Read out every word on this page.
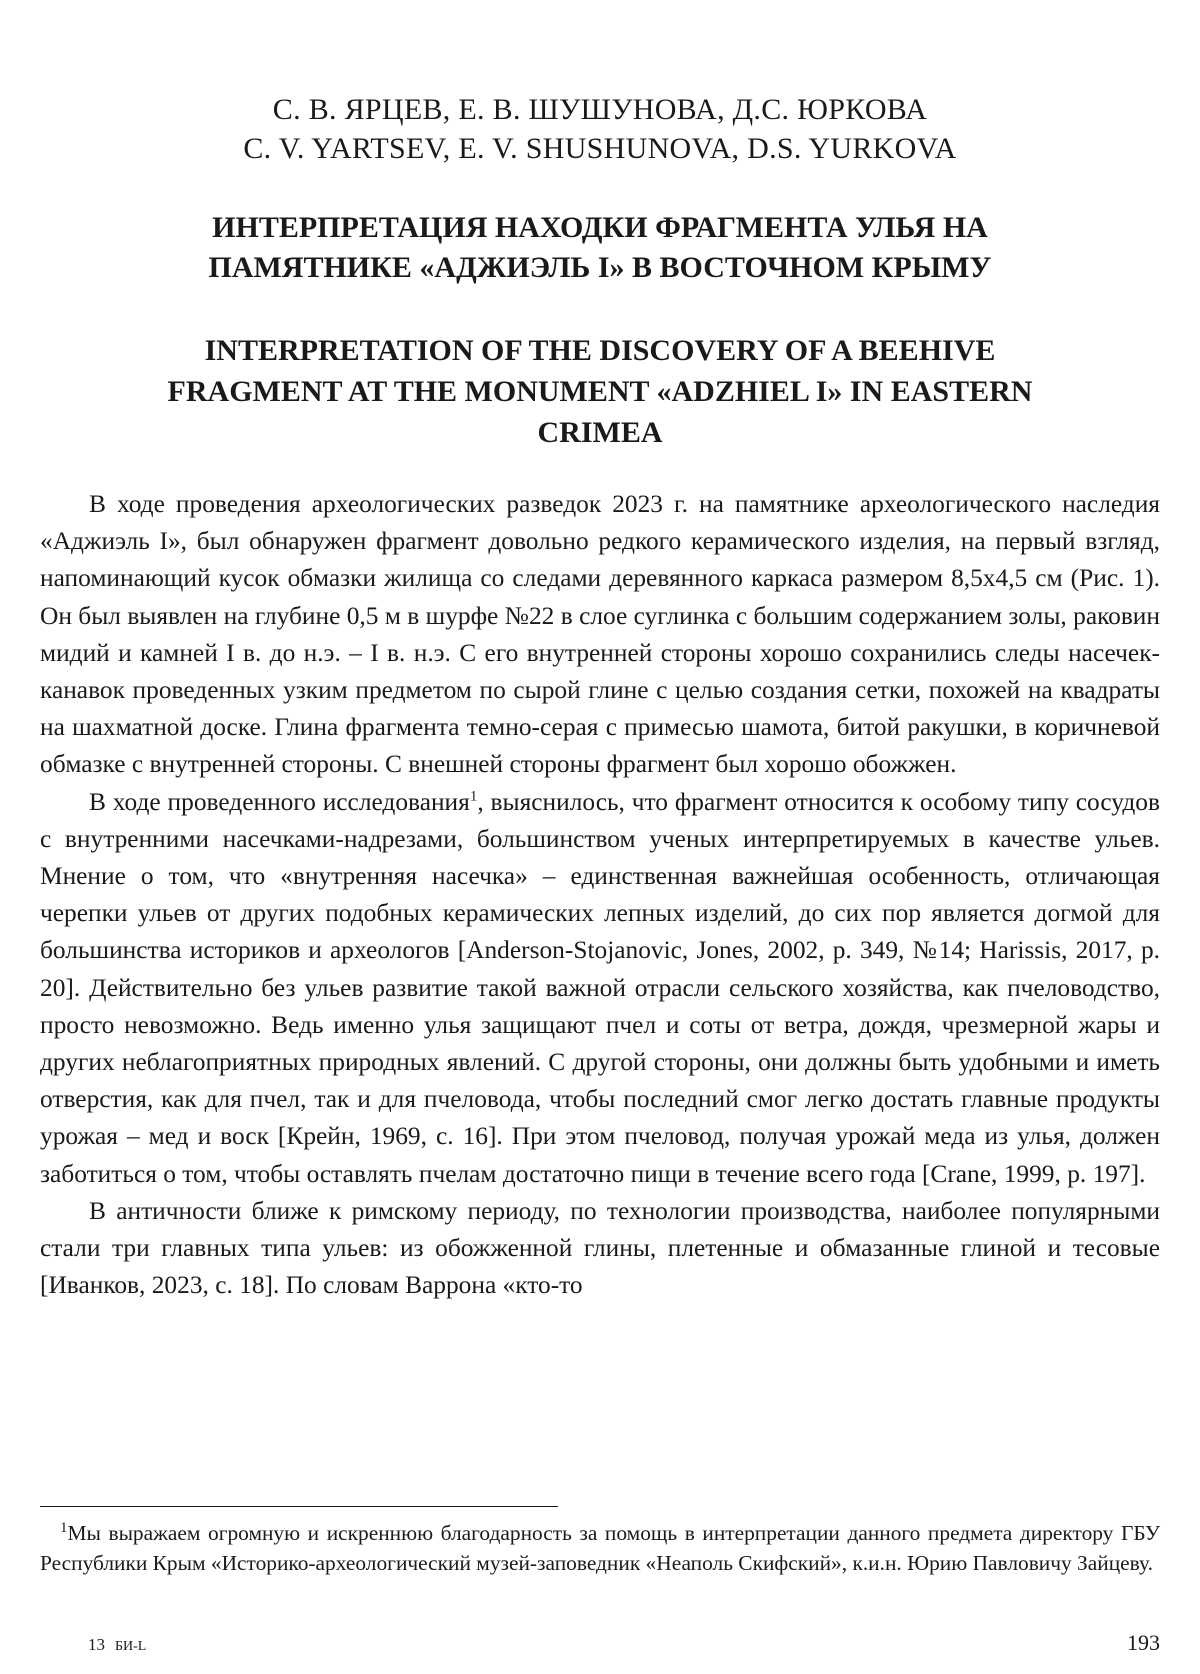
С. В. ЯРЦЕВ, Е. В. ШУШУНОВА, Д.С. ЮРКОВА
C. V. YARTSEV, E. V. SHUSHUNOVA, D.S. YURKOVA
ИНТЕРПРЕТАЦИЯ НАХОДКИ ФРАГМЕНТА УЛЬЯ НА
ПАМЯТНИКЕ «АДЖИЭЛЬ I» В ВОСТОЧНОМ КРЫМУ
INTERPRETATION OF THE DISCOVERY OF A BEEHIVE
FRAGMENT AT THE MONUMENT «ADZHIEL I» IN EASTERN
CRIMEA

В ходе проведения археологических разведок 2023 г. на памятнике археологического наследия «Аджиэль I», был обнаружен фрагмент довольно редкого керамического изделия, на первый взгляд, напоминающий кусок обмазки жилища со следами деревянного каркаса размером 8,5х4,5 см (Рис. 1). Он был выявлен на глубине 0,5 м в шурфе №22 в слое суглинка с большим содержанием золы, раковин мидий и камней I в. до н.э. – I в. н.э. С его внутренней стороны хорошо сохранились следы насечек-канавок проведенных узким предметом по сырой глине с целью создания сетки, похожей на квадраты на шахматной доске. Глина фрагмента темно-серая с примесью шамота, битой ракушки, в коричневой обмазке с внутренней стороны. С внешней стороны фрагмент был хорошо обожжен.

В ходе проведенного исследования$^1$, выяснилось, что фрагмент относится к особому типу сосудов с внутренними насечками-надрезами, большинством ученых интерпретируемых в качестве ульев. Мнение о том, что «внутренняя насечка» – единственная важнейшая особенность, отличающая черепки ульев от других подобных керамических лепных изделий, до сих пор является догмой для большинства историков и археологов [Anderson-Stojanovic, Jones, 2002, p. 349, №14; Harissis, 2017, p. 20]. Действительно без ульев развитие такой важной отрасли сельского хозяйства, как пчеловодство, просто невозможно. Ведь именно улья защищают пчел и соты от ветра, дождя, чрезмерной жары и других неблагоприятных природных явлений. С другой стороны, они должны быть удобными и иметь отверстия, как для пчел, так и для пчеловода, чтобы последний смог легко достать главные продукты урожая – мед и воск [Крейн, 1969, с. 16]. При этом пчеловод, получая урожай меда из улья, должен заботиться о том, чтобы оставлять пчелам достаточно пищи в течение всего года [Crane, 1999, p. 197].

В античности ближе к римскому периоду, по технологии производства, наиболее популярными стали три главных типа ульев: из обожженной глины, плетенные и обмазанные глиной и тесовые [Иванков, 2023, с. 18]. По словам Варрона «кто-то

$^1$Мы выражаем огромную и искреннюю благодарность за помощь в интерпретации данного предмета директору ГБУ Республики Крым «Историко-археологический музей-заповедник «Неаполь Скифский», к.и.н. Юрию Павловичу Зайцеву.

13 БИ-L	193
